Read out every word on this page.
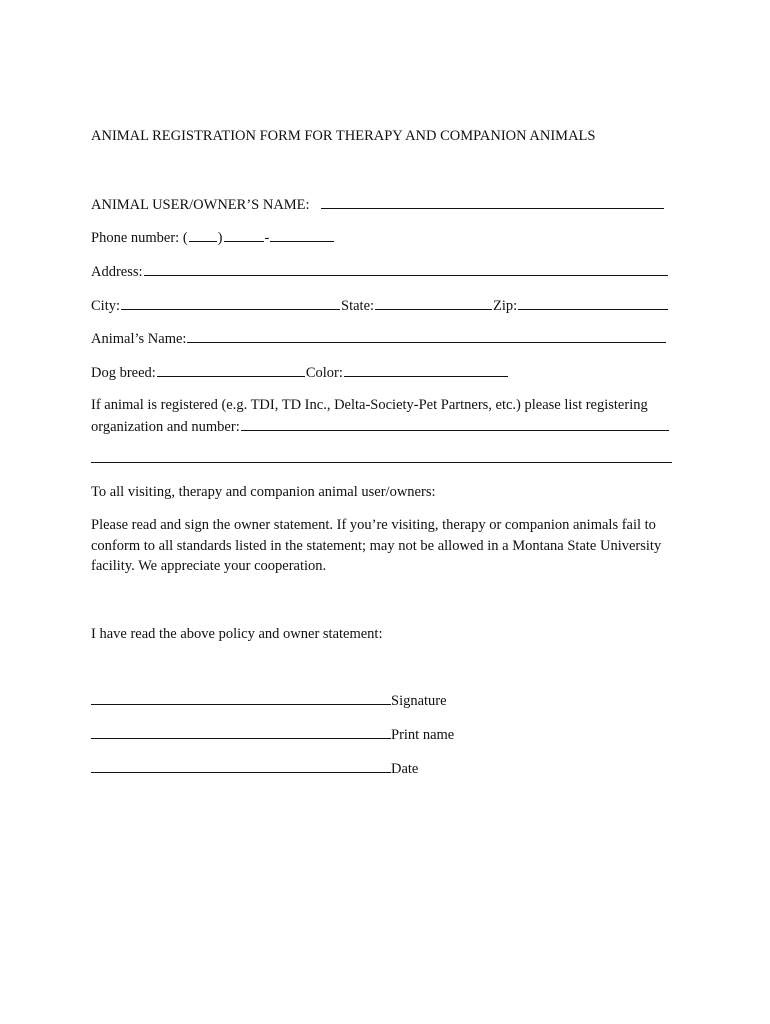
ANIMAL REGISTRATION FORM FOR THERAPY AND COMPANION ANIMALS
ANIMAL USER/OWNER’S NAME:
Phone number: ( )	-
Address:
City:	State:	Zip:
Animal’s Name:
Dog breed:	Color:
If animal is registered (e.g. TDI, TD Inc., Delta-Society-Pet Partners, etc.) please list registering
organization and number:
To all visiting, therapy and companion animal user/owners:
Please read and sign the owner statement. If you’re visiting, therapy or companion animals fail to conform to all standards listed in the statement; may not be allowed in a Montana State University facility. We appreciate your cooperation.
I have read the above policy and owner statement:
Signature
Print name
Date
